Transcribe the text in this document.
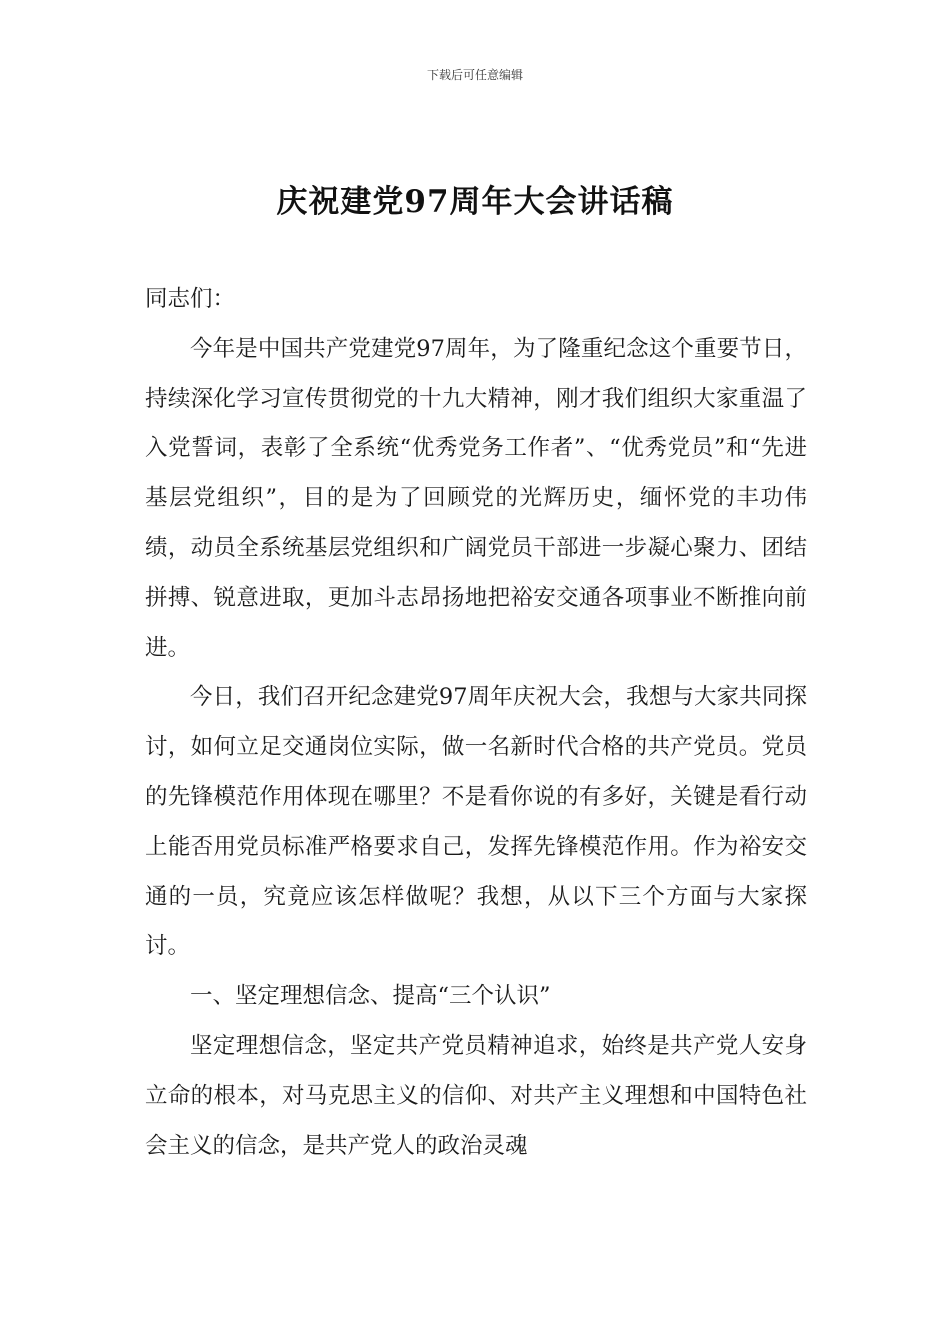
下载后可任意编辑
庆祝建党97周年大会讲话稿

同志们：

今年是中国共产党建党97周年，为了隆重纪念这个重要节日，持续深化学习宣传贯彻党的十九大精神，刚才我们组织大家重温了入党誓词，表彰了全系统“优秀党务工作者”、“优秀党员”和“先进基层党组织”，目的是为了回顾党的光辉历史，缅怀党的丰功伟绩，动员全系统基层党组织和广阔党员干部进一步凝心聚力、团结拼搏、锐意进取，更加斗志昂扬地把裕安交通各项事业不断推向前进。

今日，我们召开纪念建党97周年庆祝大会，我想与大家共同探讨，如何立足交通岗位实际，做一名新时代合格的共产党员。党员的先锋模范作用体现在哪里？不是看你说的有多好，关键是看行动上能否用党员标准严格要求自己，发挥先锋模范作用。作为裕安交通的一员，究竟应该怎样做呢？我想，从以下三个方面与大家探讨。

一、坚定理想信念、提高“三个认识”

坚定理想信念，坚定共产党员精神追求，始终是共产党人安身立命的根本，对马克思主义的信仰、对共产主义理想和中国特色社会主义的信念，是共产党人的政治灵魂
